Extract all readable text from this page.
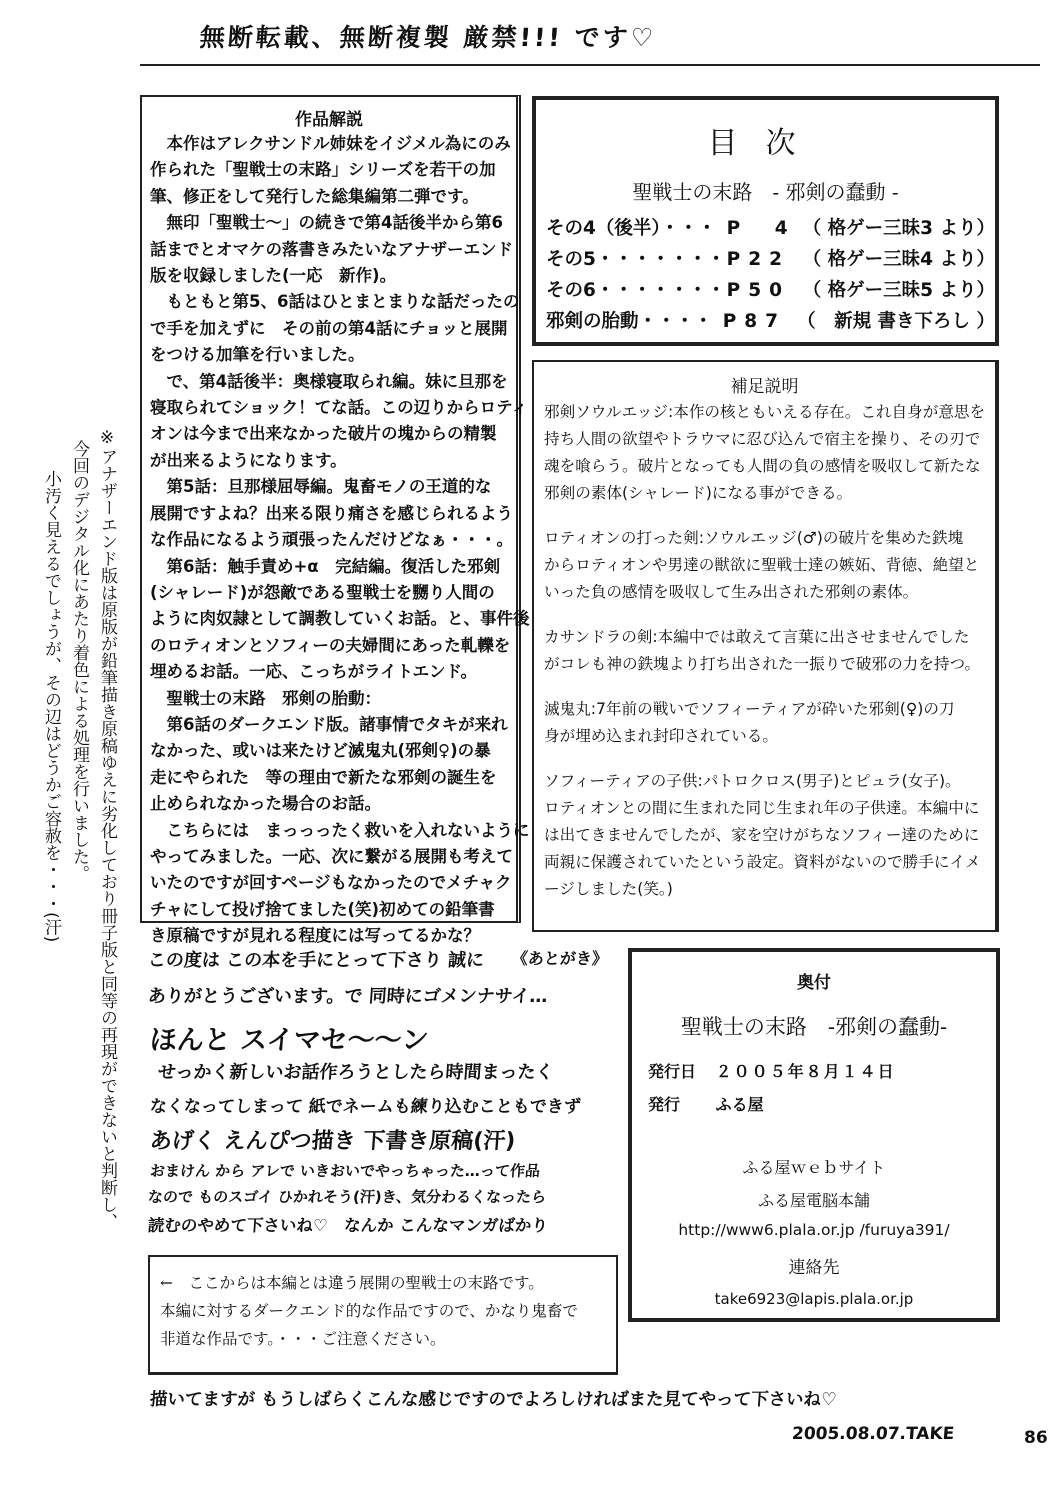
無断転載、無断複製 厳禁!!! です♡
※アナザーエンド版は原版が鉛筆描き原稿ゆえに劣化しており冊子版と同等の再現ができないと判断し、
今回のデジタル化にあたり着色による処理を行いました。
小汚く見えるでしょうが、その辺はどうかご容赦を・・・(汗)
作品解説
　本作はアレクサンドル姉妹をイジメル為にのみ
作られた「聖戦士の末路」シリーズを若干の加
筆、修正をして発行した総集編第二弾です。
　無印「聖戦士～」の続きで第4話後半から第6
話までとオマケの落書きみたいなアナザーエンド
版を収録しました(一応　新作)。
　もともと第5、6話はひとまとまりな話だったの
で手を加えずに　その前の第4話にチョッと展開
をつける加筆を行いました。
　で、第4話後半：奥様寝取られ編。妹に旦那を
寝取られてショック！てな話。この辺りからロティ
オンは今まで出来なかった破片の塊からの精製
が出来るようになります。
　第5話：旦那様屈辱編。鬼畜モノの王道的な
展開ですよね？出来る限り痛さを感じられるよう
な作品になるよう頑張ったんだけどなぁ・・・。
　第6話：触手責め+α　完結編。復活した邪剣
(シャレード)が怨敵である聖戦士を嬲り人間の
ように肉奴隷として調教していくお話。と、事件後
のロティオンとソフィーの夫婦間にあった軋轢を
埋めるお話。一応、こっちがライトエンド。
　聖戦士の末路　邪剣の胎動：
　第6話のダークエンド版。諸事情でタキが来れ
なかった、或いは来たけど滅鬼丸(邪剣♀)の暴
走にやられた　等の理由で新たな邪剣の誕生を
止められなかった場合のお話。
　こちらには　まっっったく救いを入れないように
やってみました。一応、次に繋がる展開も考えて
いたのですが回すページもなかったのでメチャク
チャにして投げ捨てました(笑)初めての鉛筆書
き原稿ですが見れる程度には写ってるかな？
目次
聖戦士の末路　- 邪剣の蠢動 -
その4（後半）・・・ P　4 （ 格ゲー三昧3 より）
その5・・・・・・・ P22 （ 格ゲー三昧4 より）
その6・・・・・・・ P50 （ 格ゲー三昧5 より）
邪剣の胎動・・・・ P87 （　新規 書き下ろし ）
補足説明
邪剣ソウルエッジ:本作の核ともいえる存在。これ自身が意思を
持ち人間の欲望やトラウマに忍び込んで宿主を操り、その刃で
魂を喰らう。破片となっても人間の負の感情を吸収して新たな
邪剣の素体(シャレード)になる事ができる。
ロティオンの打った剣:ソウルエッジ(♂)の破片を集めた鉄塊
からロティオンや男達の獣欲に聖戦士達の嫉妬、背徳、絶望と
いった負の感情を吸収して生み出された邪剣の素体。
カサンドラの剣:本編中では敢えて言葉に出させませんでした
がコレも神の鉄塊より打ち出された一振りで破邪の力を持つ。
滅鬼丸:7年前の戦いでソフィーティアが砕いた邪剣(♀)の刀
身が埋め込まれ封印されている。
ソフィーティアの子供:パトロクロス(男子)とピュラ(女子)。
ロティオンとの間に生まれた同じ生まれ年の子供達。本編中に
は出てきませんでしたが、家を空けがちなソフィー達のために
両親に保護されていたという設定。資料がないので勝手にイメ
ージしました(笑。)
この度は この本を手にとって下さり 誠に 《あとがき》
ありがとうございます。で 同時にゴメンナサイ…
ほんと スイマセ〜〜ン
せっかく新しいお話作ろうとしたら時間まったく
なくなってしまって 紙でネームも練り込むこともできず
あげく えんぴつ描き 下書き原稿(汗)
おまけん から アレで いきおいでやっちゃった…って作品
なので ものスゴイ ひかれそう(汗)き、気分わるくなったら
読むのやめて下さいね♡　なんか こんなマンガばかり
←　ここからは本編とは違う展開の聖戦士の末路です。
本編に対するダークエンド的な作品ですので、かなり鬼畜で
非道な作品です。・・・ご注意ください。
奥付
聖戦士の末路　-邪剣の蠢動-
発行日 ２００５年８月１４日
発行 ふる屋
ふる屋ｗｅｂサイト
ふる屋電脳本舗
http://www6.plala.or.jp /furuya391/
連絡先
take6923@lapis.plala.or.jp
描いてますが もうしばらくこんな感じですのでよろしければまた見てやって下さいね♡
2005.08.07.TAKE	86
